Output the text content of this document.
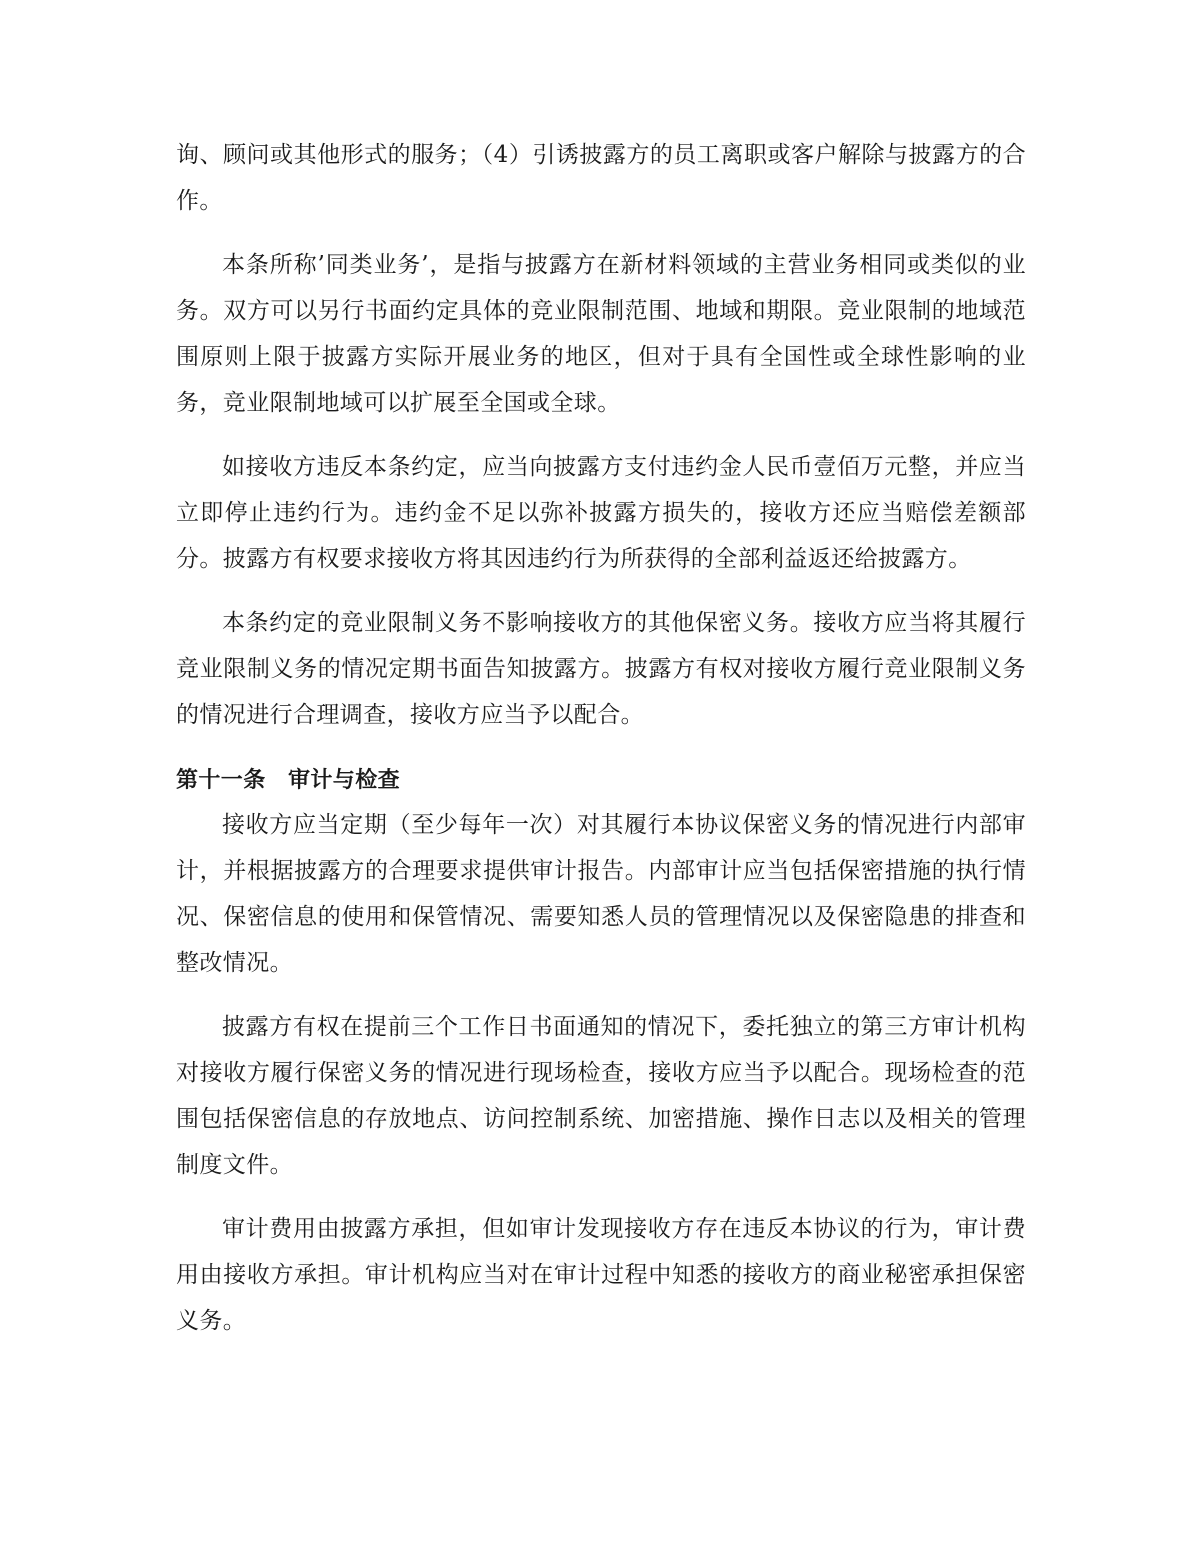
询、顾问或其他形式的服务；（4）引诱披露方的员工离职或客户解除与披露方的合作。

本条所称’同类业务’，是指与披露方在新材料领域的主营业务相同或类似的业务。双方可以另行书面约定具体的竞业限制范围、地域和期限。竞业限制的地域范围原则上限于披露方实际开展业务的地区，但对于具有全国性或全球性影响的业务，竞业限制地域可以扩展至全国或全球。

如接收方违反本条约定，应当向披露方支付违约金人民币壹佰万元整，并应当立即停止违约行为。违约金不足以弥补披露方损失的，接收方还应当赔偿差额部分。披露方有权要求接收方将其因违约行为所获得的全部利益返还给披露方。

本条约定的竞业限制义务不影响接收方的其他保密义务。接收方应当将其履行竞业限制义务的情况定期书面告知披露方。披露方有权对接收方履行竞业限制义务的情况进行合理调查，接收方应当予以配合。

第十一条　审计与检查

接收方应当定期（至少每年一次）对其履行本协议保密义务的情况进行内部审计，并根据披露方的合理要求提供审计报告。内部审计应当包括保密措施的执行情况、保密信息的使用和保管情况、需要知悉人员的管理情况以及保密隐患的排查和整改情况。

披露方有权在提前三个工作日书面通知的情况下，委托独立的第三方审计机构对接收方履行保密义务的情况进行现场检查，接收方应当予以配合。现场检查的范围包括保密信息的存放地点、访问控制系统、加密措施、操作日志以及相关的管理制度文件。

审计费用由披露方承担，但如审计发现接收方存在违反本协议的行为，审计费用由接收方承担。审计机构应当对在审计过程中知悉的接收方的商业秘密承担保密义务。
